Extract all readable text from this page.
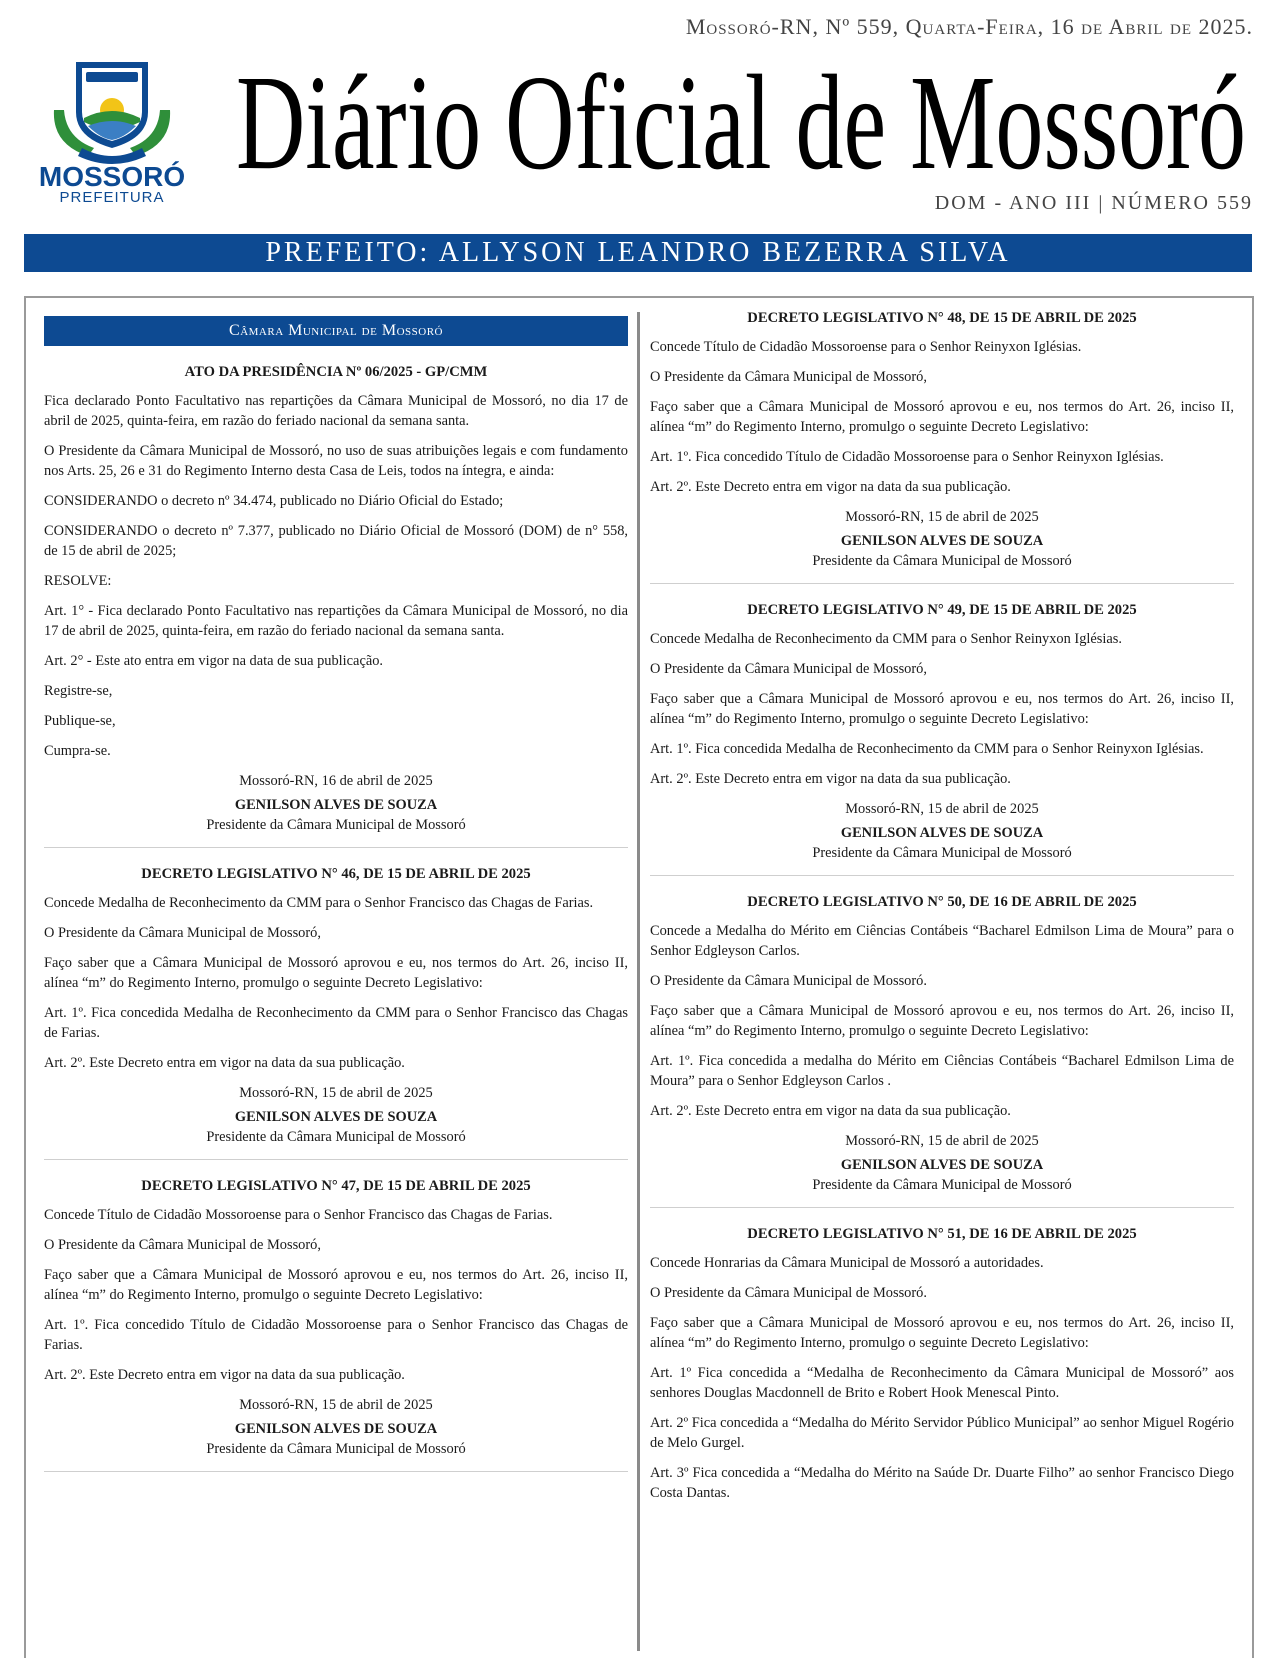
Mossoró-RN, Nº 559, Quarta-Feira, 16 de Abril de 2025.
MOSSORÓ
PREFEITURA Diário Oficial de Mossoró
DOM - ANO III | NÚMERO 559
PREFEITO: ALLYSON LEANDRO BEZERRA SILVA
Câmara Municipal de Mossoró

ATO DA PRESIDÊNCIA Nº 06/2025 - GP/CMM

Fica declarado Ponto Facultativo nas repartições da Câmara Municipal de Mossoró, no dia 17 de abril de 2025, quinta-feira, em razão do feriado nacional da semana santa.

O Presidente da Câmara Municipal de Mossoró, no uso de suas atribuições legais e com fundamento nos Arts. 25, 26 e 31 do Regimento Interno desta Casa de Leis, todos na íntegra, e ainda:

CONSIDERANDO o decreto nº 34.474, publicado no Diário Oficial do Estado;

CONSIDERANDO o decreto nº 7.377, publicado no Diário Oficial de Mossoró (DOM) de n° 558, de 15 de abril de 2025;

RESOLVE:

Art. 1° - Fica declarado Ponto Facultativo nas repartições da Câmara Municipal de Mossoró, no dia 17 de abril de 2025, quinta-feira, em razão do feriado nacional da semana santa.

Art. 2° - Este ato entra em vigor na data de sua publicação.

Registre-se,

Publique-se,

Cumpra-se.

Mossoró-RN, 16 de abril de 2025

GENILSON ALVES DE SOUZA

Presidente da Câmara Municipal de Mossoró

DECRETO LEGISLATIVO N° 46, DE 15 DE ABRIL DE 2025

Concede Medalha de Reconhecimento da CMM para o Senhor Francisco das Chagas de Farias.

O Presidente da Câmara Municipal de Mossoró,

Faço saber que a Câmara Municipal de Mossoró aprovou e eu, nos termos do Art. 26, inciso II, alínea “m” do Regimento Interno, promulgo o seguinte Decreto Legislativo:

Art. 1º. Fica concedida Medalha de Reconhecimento da CMM para o Senhor Francisco das Chagas de Farias.

Art. 2º. Este Decreto entra em vigor na data da sua publicação.

Mossoró-RN, 15 de abril de 2025

GENILSON ALVES DE SOUZA

Presidente da Câmara Municipal de Mossoró

DECRETO LEGISLATIVO N° 47, DE 15 DE ABRIL DE 2025

Concede Título de Cidadão Mossoroense para o Senhor Francisco das Chagas de Farias.

O Presidente da Câmara Municipal de Mossoró,

Faço saber que a Câmara Municipal de Mossoró aprovou e eu, nos termos do Art. 26, inciso II, alínea “m” do Regimento Interno, promulgo o seguinte Decreto Legislativo:

Art. 1º. Fica concedido Título de Cidadão Mossoroense para o Senhor Francisco das Chagas de Farias.

Art. 2º. Este Decreto entra em vigor na data da sua publicação.

Mossoró-RN, 15 de abril de 2025

GENILSON ALVES DE SOUZA

Presidente da Câmara Municipal de Mossoró

DECRETO LEGISLATIVO N° 48, DE 15 DE ABRIL DE 2025

Concede Título de Cidadão Mossoroense para o Senhor Reinyxon Iglésias.

O Presidente da Câmara Municipal de Mossoró,

Faço saber que a Câmara Municipal de Mossoró aprovou e eu, nos termos do Art. 26, inciso II, alínea “m” do Regimento Interno, promulgo o seguinte Decreto Legislativo:

Art. 1º. Fica concedido Título de Cidadão Mossoroense para o Senhor Reinyxon Iglésias.

Art. 2º. Este Decreto entra em vigor na data da sua publicação.

Mossoró-RN, 15 de abril de 2025

GENILSON ALVES DE SOUZA

Presidente da Câmara Municipal de Mossoró

DECRETO LEGISLATIVO N° 49, DE 15 DE ABRIL DE 2025

Concede Medalha de Reconhecimento da CMM para o Senhor Reinyxon Iglésias.

O Presidente da Câmara Municipal de Mossoró,

Faço saber que a Câmara Municipal de Mossoró aprovou e eu, nos termos do Art. 26, inciso II, alínea “m” do Regimento Interno, promulgo o seguinte Decreto Legislativo:

Art. 1º. Fica concedida Medalha de Reconhecimento da CMM para o Senhor Reinyxon Iglésias.

Art. 2º. Este Decreto entra em vigor na data da sua publicação.

Mossoró-RN, 15 de abril de 2025

GENILSON ALVES DE SOUZA

Presidente da Câmara Municipal de Mossoró

DECRETO LEGISLATIVO N° 50, DE 16 DE ABRIL DE 2025

Concede a Medalha do Mérito em Ciências Contábeis “Bacharel Edmilson Lima de Moura” para o Senhor Edgleyson Carlos.

O Presidente da Câmara Municipal de Mossoró.

Faço saber que a Câmara Municipal de Mossoró aprovou e eu, nos termos do Art. 26, inciso II, alínea “m” do Regimento Interno, promulgo o seguinte Decreto Legislativo:

Art. 1º. Fica concedida a medalha do Mérito em Ciências Contábeis “Bacharel Edmilson Lima de Moura” para o Senhor Edgleyson Carlos .

Art. 2º. Este Decreto entra em vigor na data da sua publicação.

Mossoró-RN, 15 de abril de 2025

GENILSON ALVES DE SOUZA

Presidente da Câmara Municipal de Mossoró

DECRETO LEGISLATIVO N° 51, DE 16 DE ABRIL DE 2025

Concede Honrarias da Câmara Municipal de Mossoró a autoridades.

O Presidente da Câmara Municipal de Mossoró.

Faço saber que a Câmara Municipal de Mossoró aprovou e eu, nos termos do Art. 26, inciso II, alínea “m” do Regimento Interno, promulgo o seguinte Decreto Legislativo:

Art. 1º Fica concedida a “Medalha de Reconhecimento da Câmara Municipal de Mossoró” aos senhores Douglas Macdonnell de Brito e Robert Hook Menescal Pinto.

Art. 2º Fica concedida a “Medalha do Mérito Servidor Público Municipal” ao senhor Miguel Rogério de Melo Gurgel.

Art. 3º Fica concedida a “Medalha do Mérito na Saúde Dr. Duarte Filho” ao senhor Francisco Diego Costa Dantas.
